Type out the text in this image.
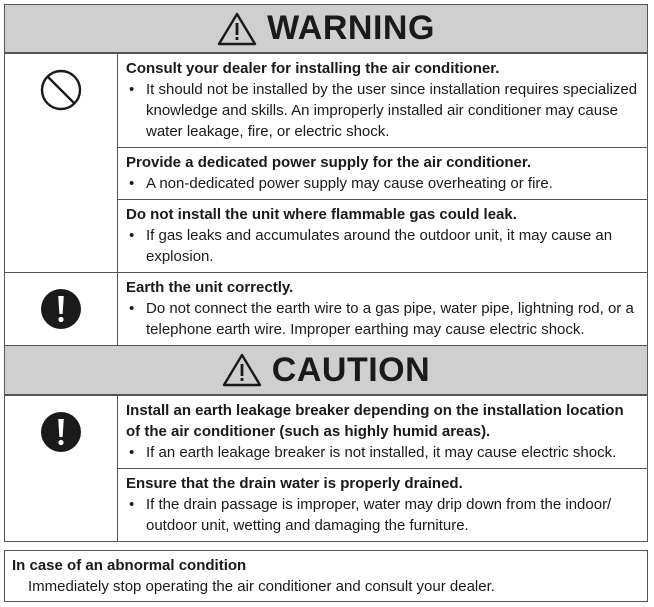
WARNING

Consult your dealer for installing the air conditioner.
• It should not be installed by the user since installation requires specialized knowledge and skills. An improperly installed air conditioner may cause water leakage, fire, or electric shock.

	Provide a dedicated power supply for the air conditioner.
• A non-dedicated power supply may cause overheating or fire.

	Do not install the unit where flammable gas could leak.
• If gas leaks and accumulates around the outdoor unit, it may cause an explosion.

Earth the unit correctly.
• Do not connect the earth wire to a gas pipe, water pipe, lightning rod, or a telephone earth wire. Improper earthing may cause electric shock.
CAUTION

Install an earth leakage breaker depending on the installation location of the air conditioner (such as highly humid areas).
• If an earth leakage breaker is not installed, it may cause electric shock.

Ensure that the drain water is properly drained.
• If the drain passage is improper, water may drip down from the indoor/ outdoor unit, wetting and damaging the furniture.
In case of an abnormal condition
Immediately stop operating the air conditioner and consult your dealer.
